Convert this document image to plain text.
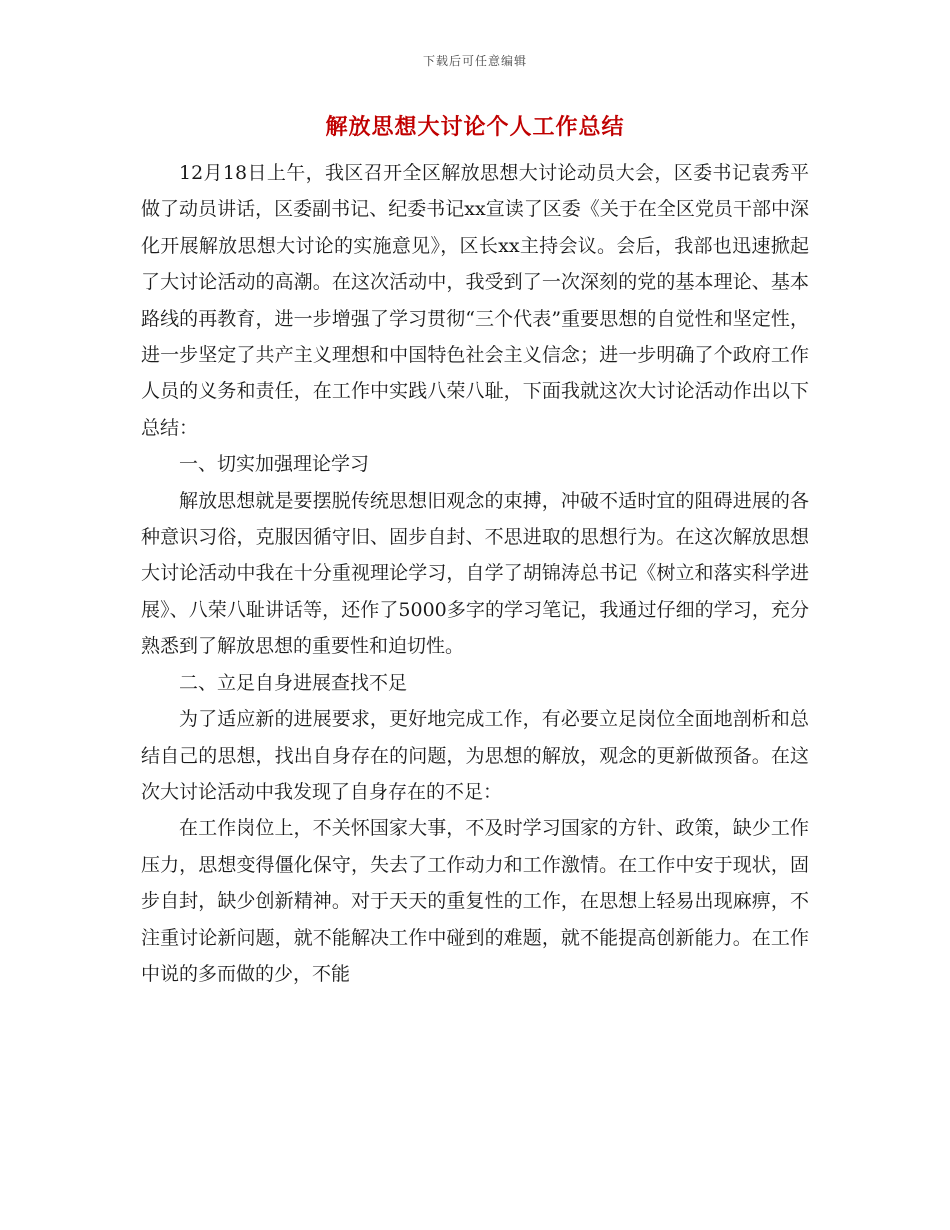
下载后可任意编辑
解放思想大讨论个人工作总结

12月18日上午，我区召开全区解放思想大讨论动员大会，区委书记袁秀平做了动员讲话，区委副书记、纪委书记xx宣读了区委《关于在全区党员干部中深化开展解放思想大讨论的实施意见》，区长xx主持会议。会后，我部也迅速掀起了大讨论活动的高潮。在这次活动中，我受到了一次深刻的党的基本理论、基本路线的再教育，进一步增强了学习贯彻“三个代表”重要思想的自觉性和坚定性，进一步坚定了共产主义理想和中国特色社会主义信念；进一步明确了个政府工作人员的义务和责任，在工作中实践八荣八耻，下面我就这次大讨论活动作出以下总结：

一、切实加强理论学习

解放思想就是要摆脱传统思想旧观念的束搏，冲破不适时宜的阻碍进展的各种意识习俗，克服因循守旧、固步自封、不思进取的思想行为。在这次解放思想大讨论活动中我在十分重视理论学习，自学了胡锦涛总书记《树立和落实科学进展》、八荣八耻讲话等，还作了5000多字的学习笔记，我通过仔细的学习，充分熟悉到了解放思想的重要性和迫切性。

二、立足自身进展查找不足

为了适应新的进展要求，更好地完成工作，有必要立足岗位全面地剖析和总结自己的思想，找出自身存在的问题，为思想的解放，观念的更新做预备。在这次大讨论活动中我发现了自身存在的不足：

在工作岗位上，不关怀国家大事，不及时学习国家的方针、政策，缺少工作压力，思想变得僵化保守，失去了工作动力和工作激情。在工作中安于现状，固步自封，缺少创新精神。对于天天的重复性的工作，在思想上轻易出现麻痹，不注重讨论新问题，就不能解决工作中碰到的难题，就不能提高创新能力。在工作中说的多而做的少，不能
